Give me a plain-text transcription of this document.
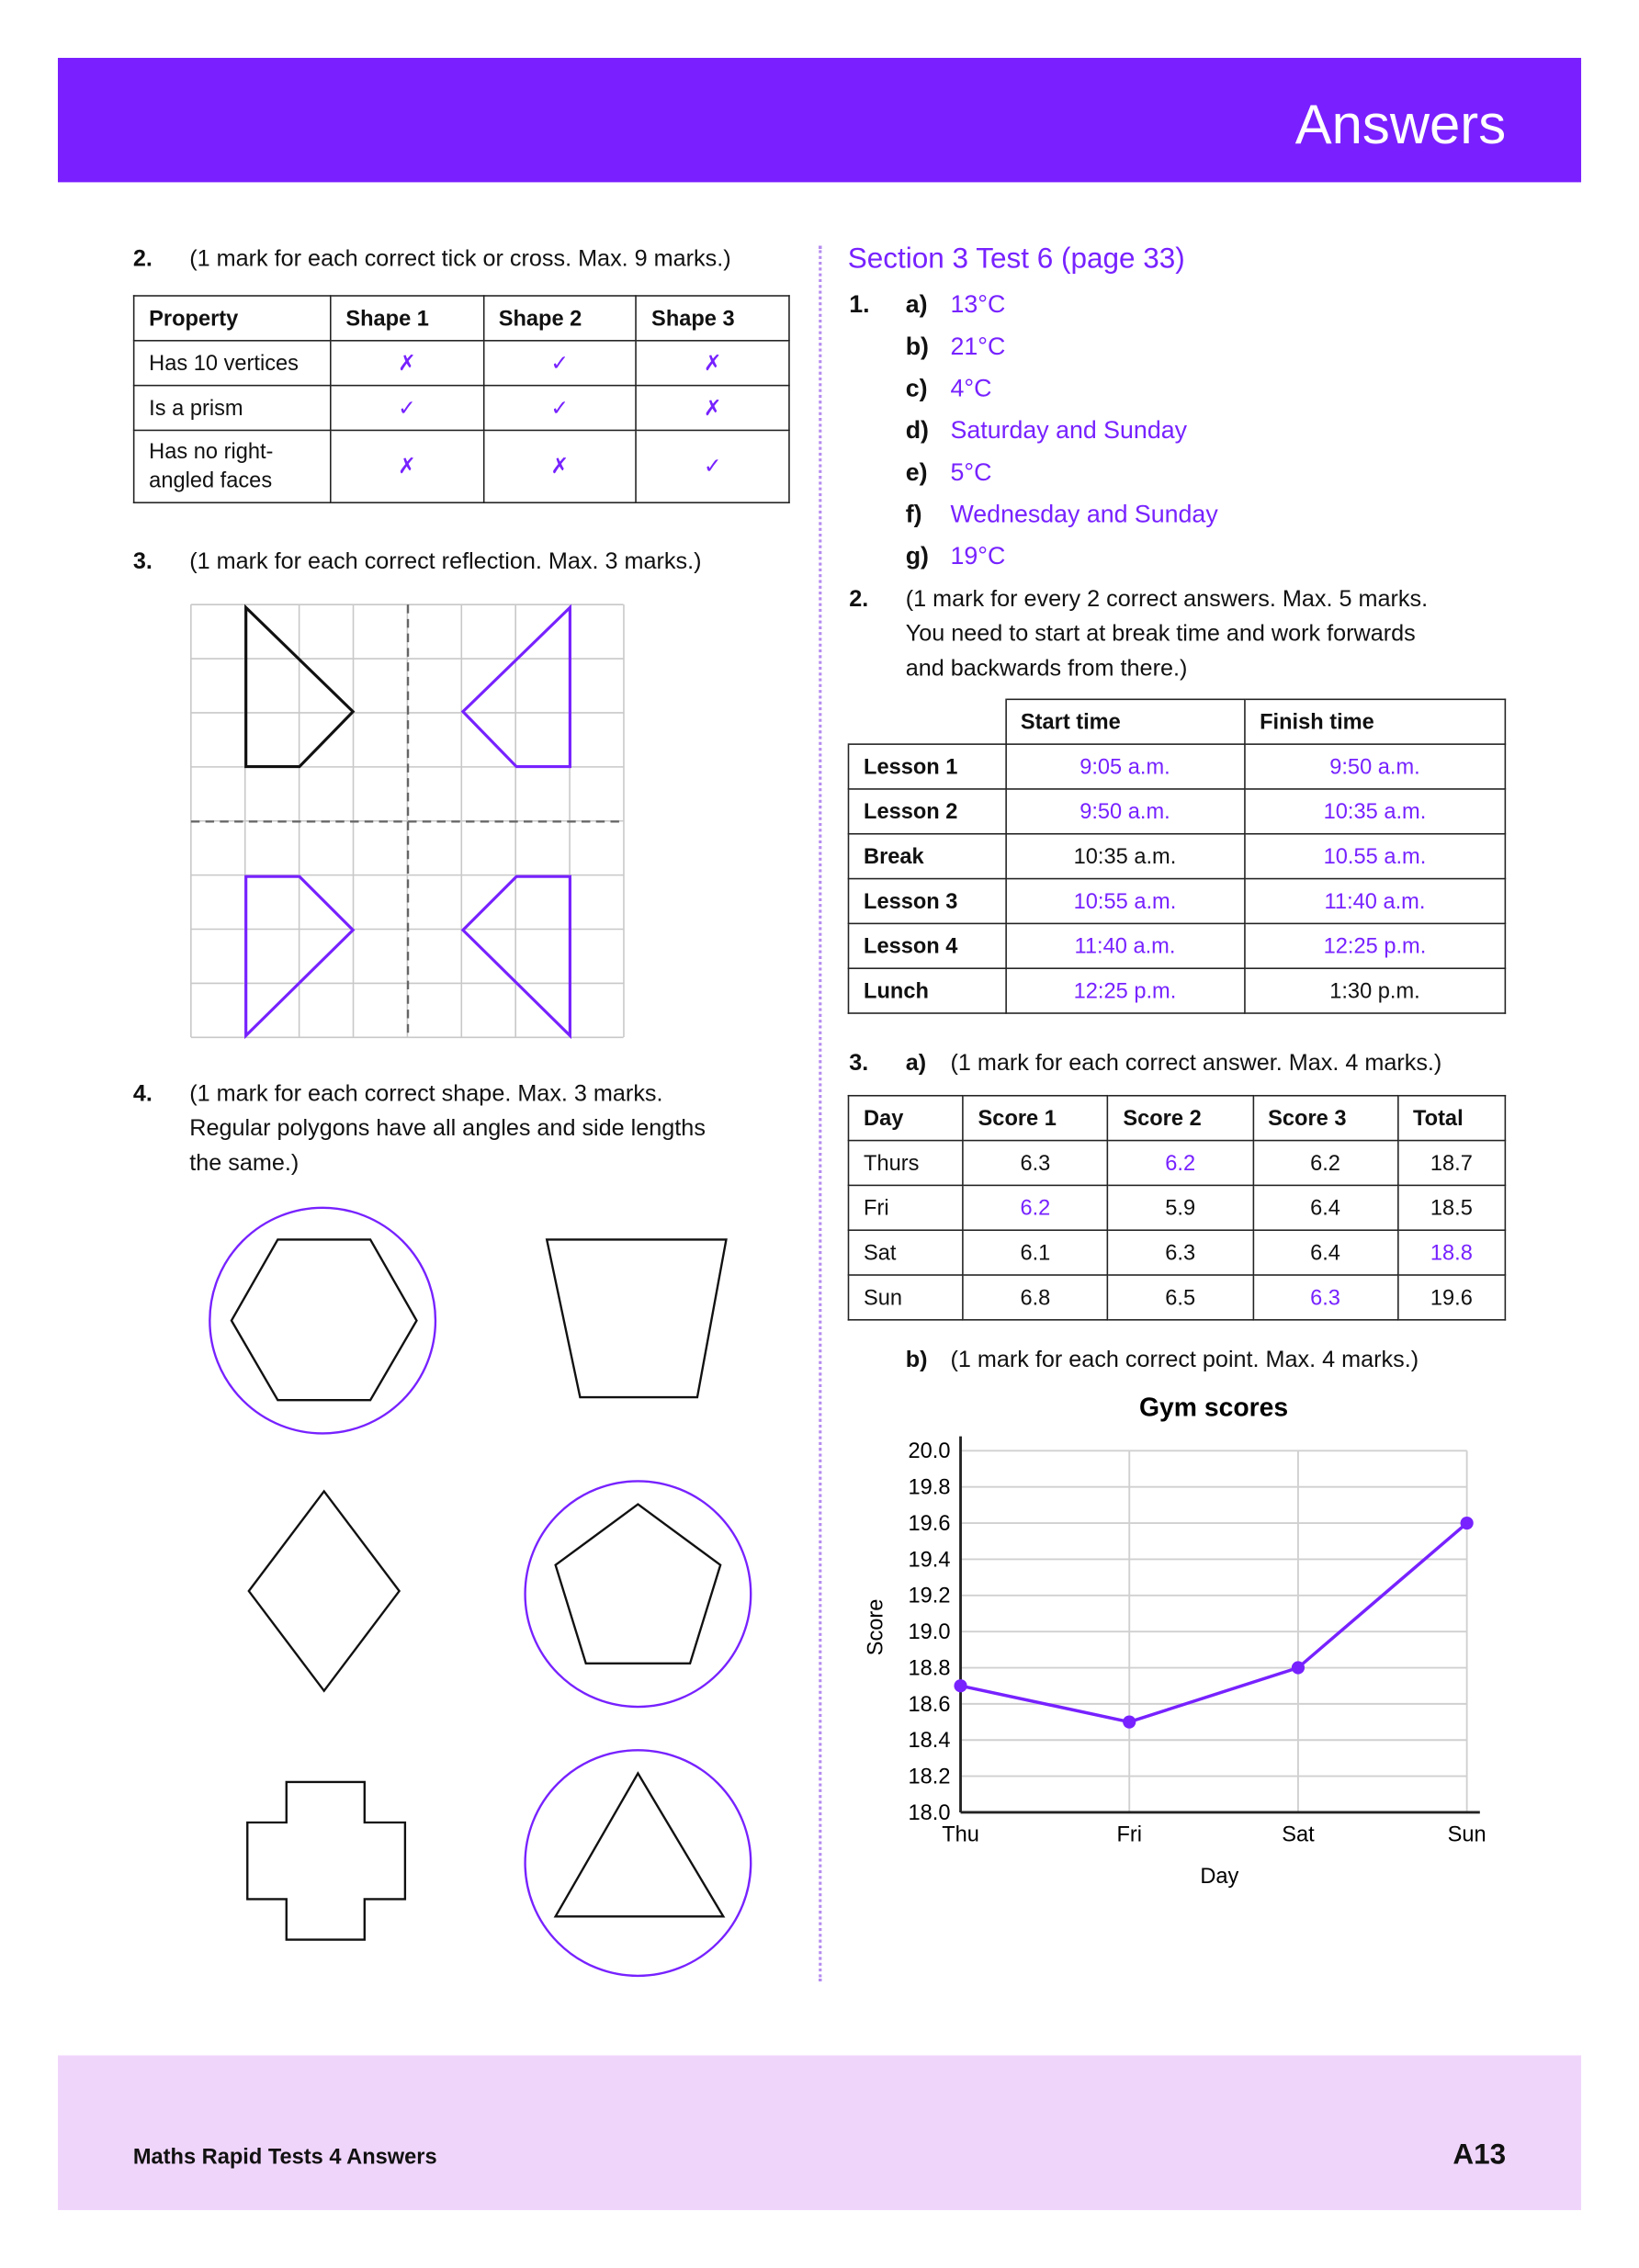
Answers
2.	(1 mark for each correct tick or cross. Max. 9 marks.)
Property	Shape 1	Shape 2	Shape 3
Has 10 vertices	✗	✓	✗
Is a prism	✓	✓	✗
Has no right-angled faces	✗	✗	✓
3.	(1 mark for each correct reflection. Max. 3 marks.)
4.	(1 mark for each correct shape. Max. 3 marks.
Regular polygons have all angles and side lengths
the same.)
Gym scores
Day
Score
18.0
18.2
18.4
18.6
18.8
19.0
19.2
19.4
19.6
19.8
20.0
Thu	Fri	Sat	Sun
Section 3 Test 6 (page 33)
1. a) 13°C
b) 21°C
c) 4°C
d) Saturday and Sunday
e) 5°C
f) Wednesday and Sunday
g) 19°C
2.	(1 mark for every 2 correct answers. Max. 5 marks.
You need to start at break time and work forwards
and backwards from there.)
	Start time	Finish time
Lesson 1	9:05 a.m.	9:50 a.m.
Lesson 2	9:50 a.m.	10:35 a.m.
Break	10:35 a.m.	10.55 a.m.
Lesson 3	10:55 a.m.	11:40 a.m.
Lesson 4	11:40 a.m.	12:25 p.m.
Lunch	12:25 p.m.	1:30 p.m.
3.	a) (1 mark for each correct answer. Max. 4 marks.)
Day	Score 1	Score 2	Score 3	Total
Thurs	6.3	6.2	6.2	18.7
Fri	6.2	5.9	6.4	18.5
Sat	6.1	6.3	6.4	18.8
Sun	6.8	6.5	6.3	19.6
b) (1 mark for each correct point. Max. 4 marks.)
Maths Rapid Tests 4 Answers	A13
